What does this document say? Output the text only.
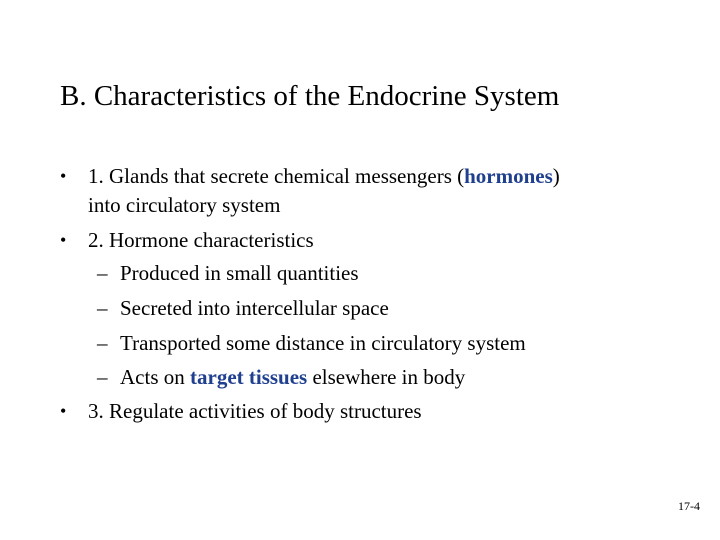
B. Characteristics of the Endocrine System
• 1. Glands that secrete chemical messengers (hormones)
into circulatory system
• 2. Hormone characteristics
– Produced in small quantities
– Secreted into intercellular space
– Transported some distance in circulatory system
– Acts on target tissues elsewhere in body
• 3. Regulate activities of body structures
17-4
